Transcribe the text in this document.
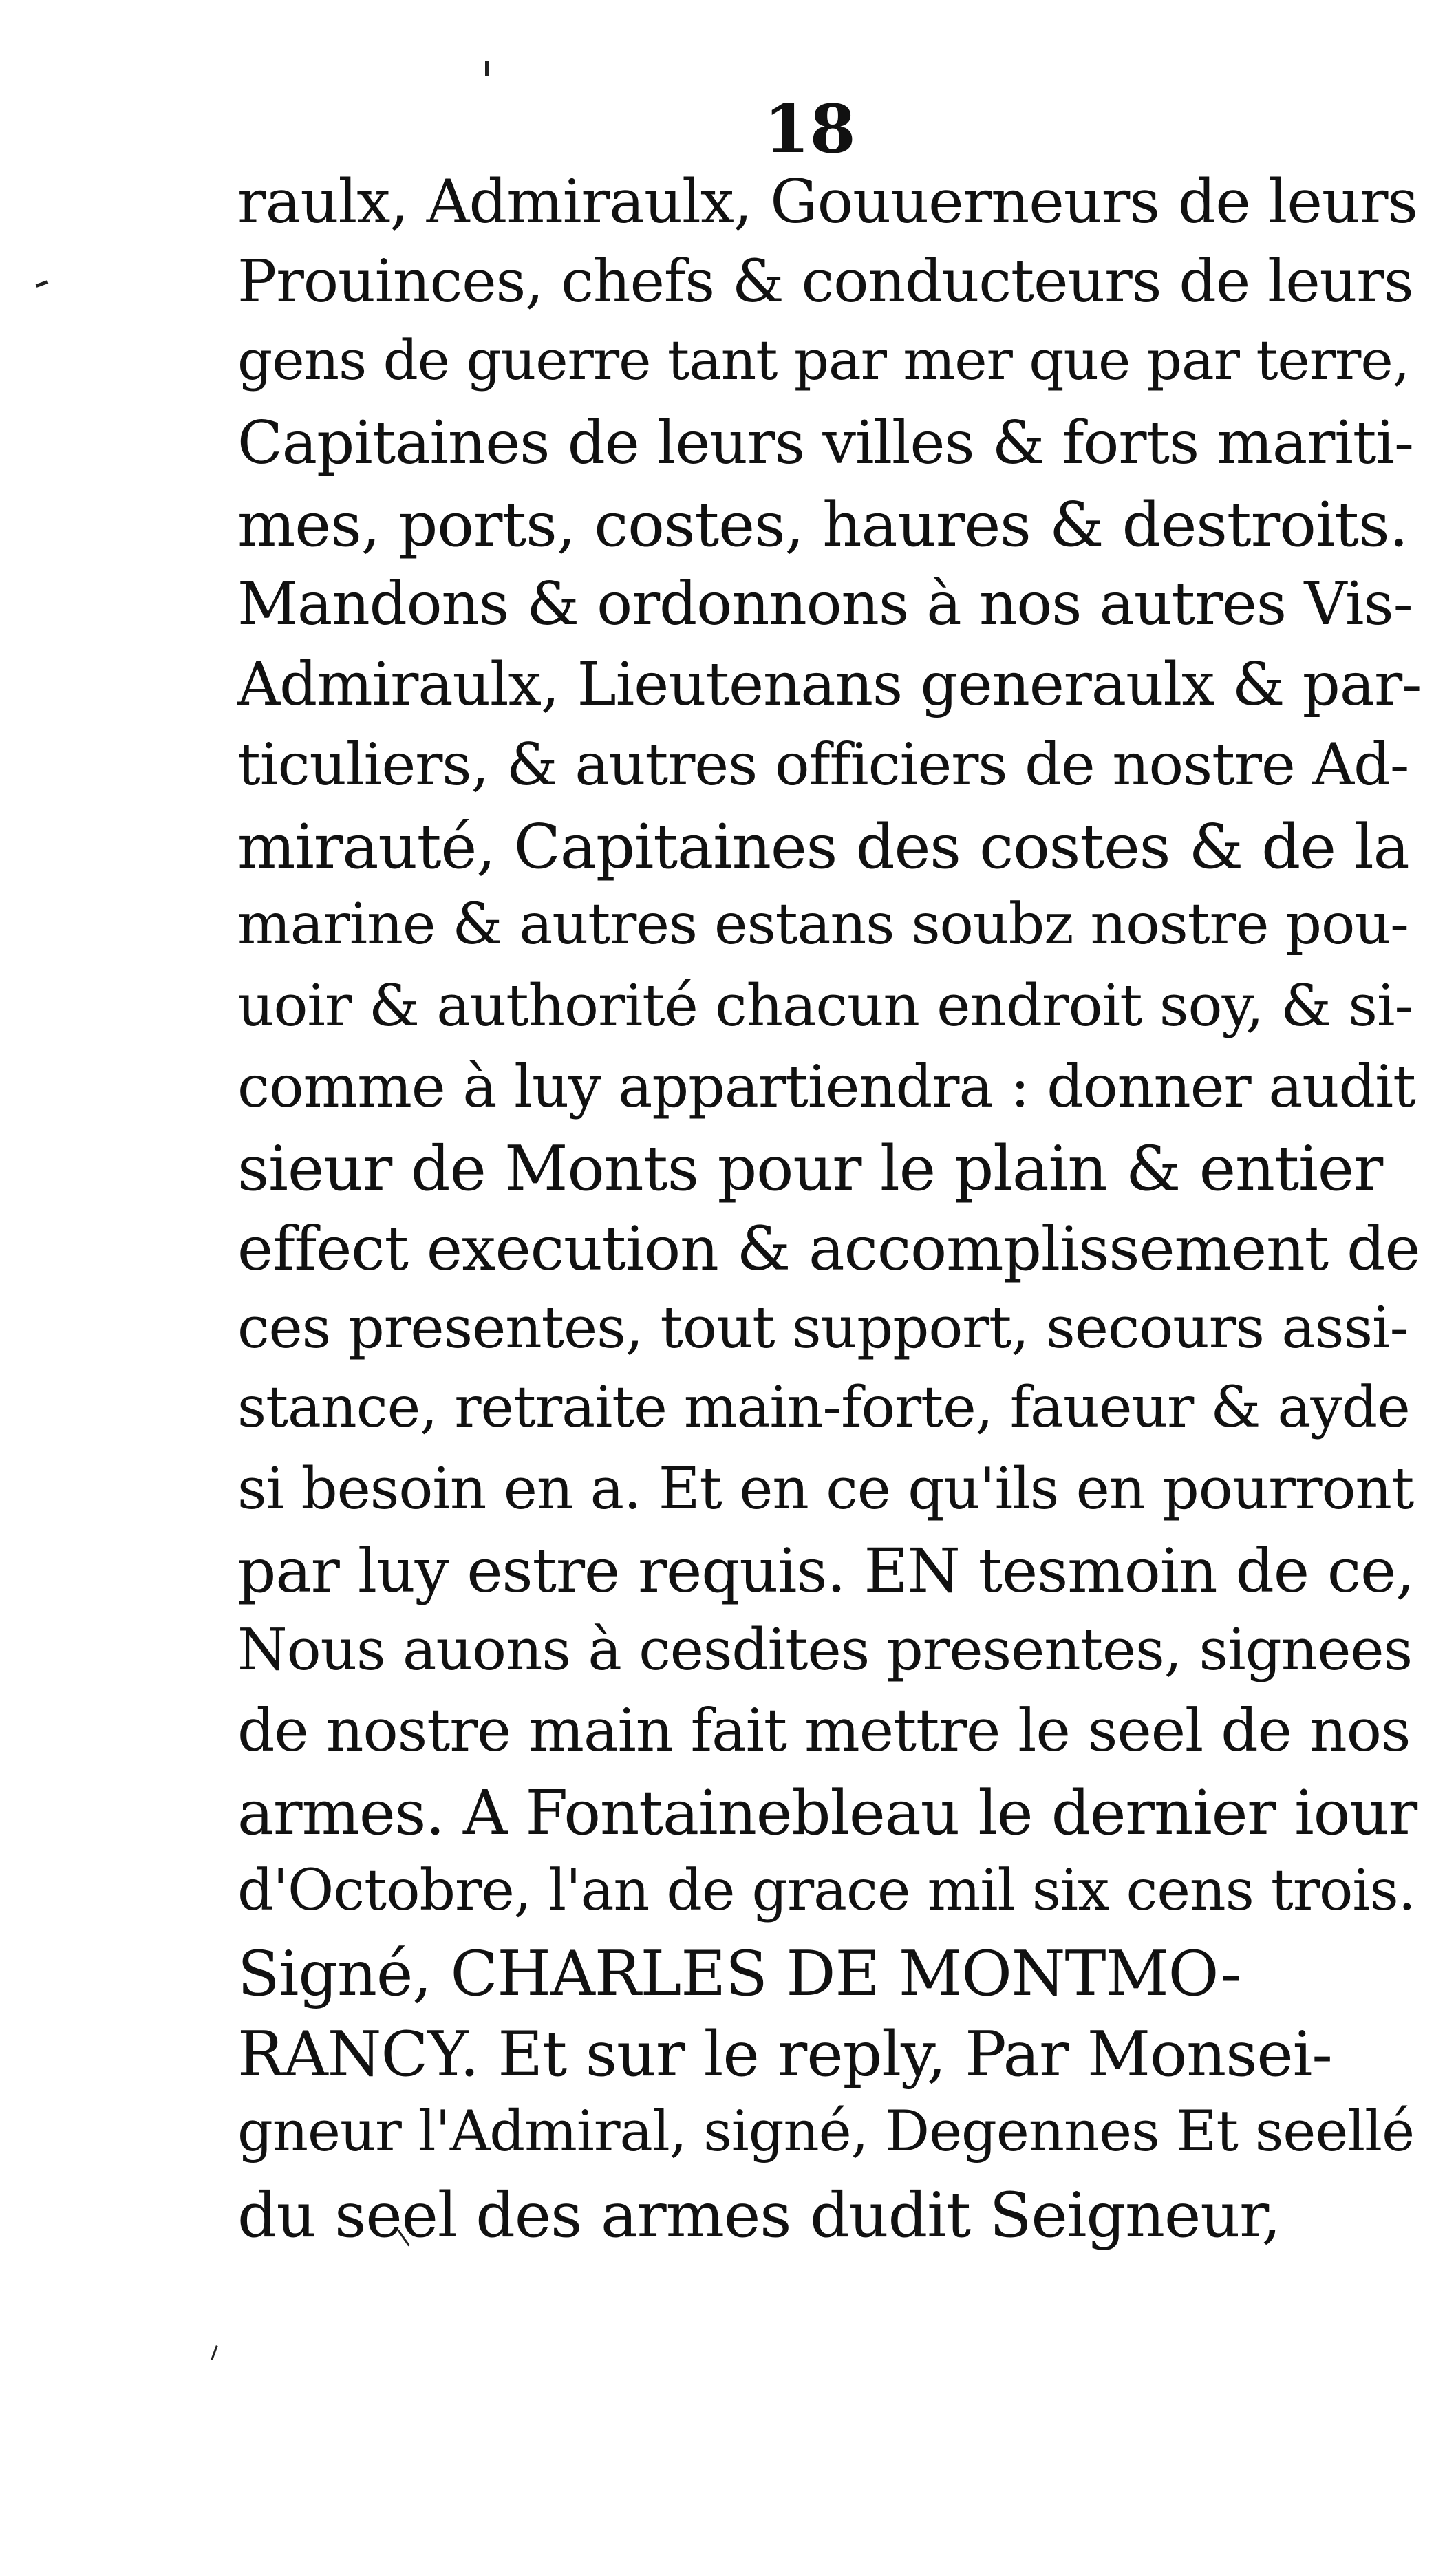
18
raulx, Admiraulx, Gouuerneurs de leurs
Prouinces, chefs & conducteurs de leurs
gens de guerre tant par mer que par terre,
Capitaines de leurs villes & forts mariti-
mes, ports, costes, haures & destroits.
Mandons & ordonnons à nos autres Vis-
Admiraulx, Lieutenans generaulx & par-
ticuliers, & autres officiers de nostre Ad-
mirauté, Capitaines des costes & de la
marine & autres estans soubz nostre pou-
uoir & authorité chacun endroit soy, & si-
comme à luy appartiendra : donner audit
sieur de Monts pour le plain & entier
effect execution & accomplissement de
ces presentes, tout support, secours assi-
stance, retraite main-forte, faueur & ayde
si besoin en a. Et en ce qu'ils en pourront
par luy estre requis. EN tesmoin de ce,
Nous auons à cesdites presentes, signees
de nostre main fait mettre le seel de nos
armes. A Fontainebleau le dernier iour
d'Octobre, l'an de grace mil six cens trois.
Signé, CHARLES DE MONTMO-
RANCY. Et sur le reply, Par Monsei-
gneur l'Admiral, signé, Degennes Et seellé
du seel des armes dudit Seigneur,
